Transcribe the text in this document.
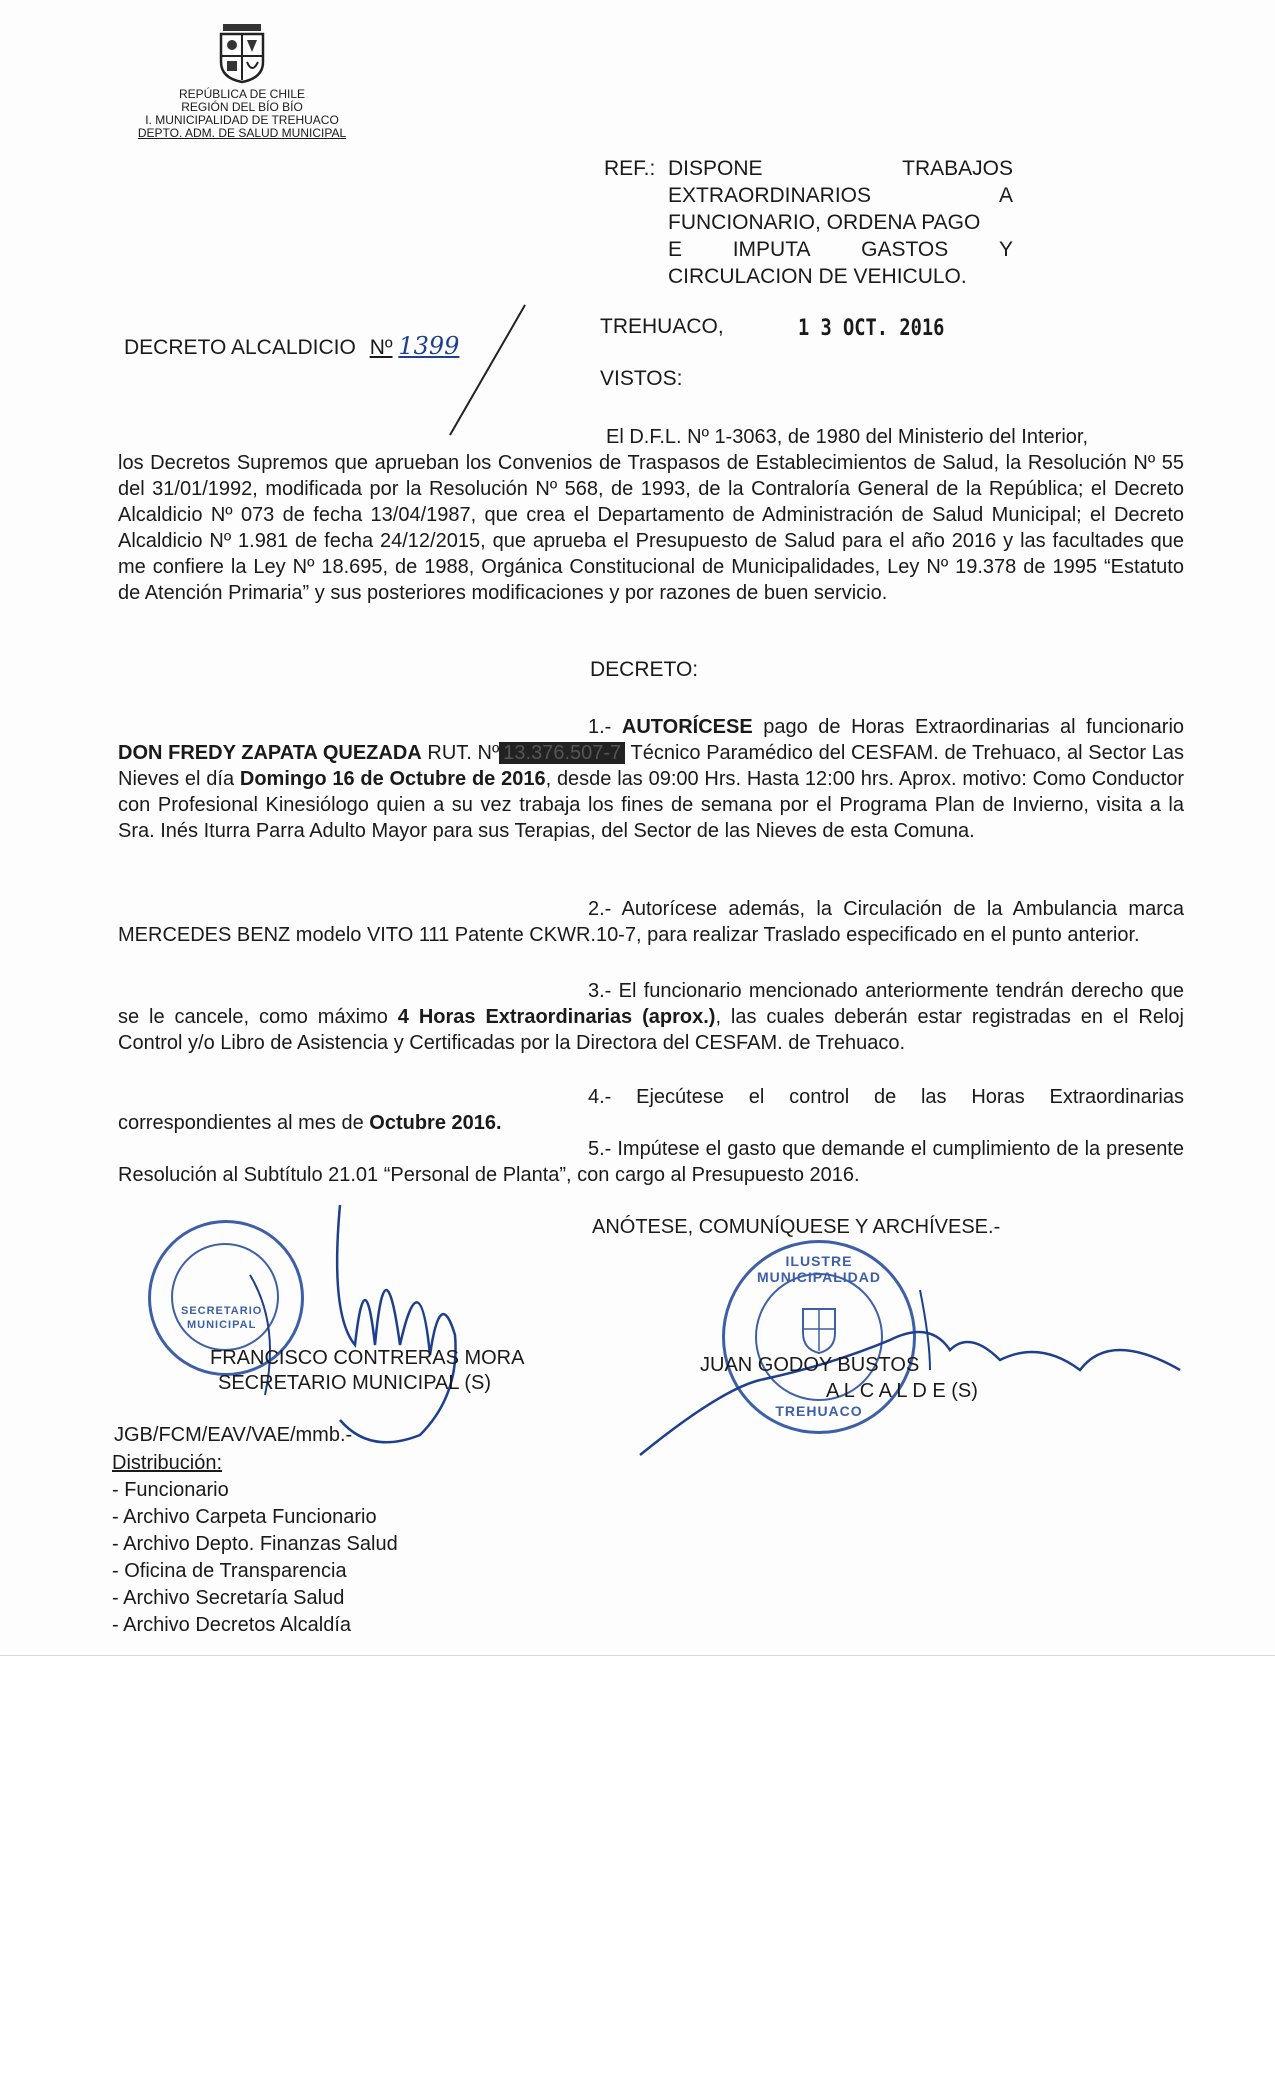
REPÚBLICA DE CHILE
REGIÓN DEL BÍO BÍO
I. MUNICIPALIDAD DE TREHUACO
DEPTO. ADM. DE SALUD MUNICIPAL
REF.: DISPONE	TRABAJOS
EXTRAORDINARIOS	A
FUNCIONARIO, ORDENA PAGO
E IMPUTA GASTOS Y
CIRCULACION DE VEHICULO.
DECRETO ALCALDICIO Nº 1399
TREHUACO,	1 3 OCT. 2016
VISTOS:
El D.F.L. Nº 1-3063, de 1980 del Ministerio del Interior,
los Decretos Supremos que aprueban los Convenios de Traspasos de Establecimientos de Salud, la Resolución Nº 55 del 31/01/1992, modificada por la Resolución Nº 568, de 1993, de la Contraloría General de la República; el Decreto Alcaldicio Nº 073 de fecha 13/04/1987, que crea el Departamento de Administración de Salud Municipal; el Decreto Alcaldicio Nº 1.981 de fecha 24/12/2015, que aprueba el Presupuesto de Salud para el año 2016 y las facultades que me confiere la Ley Nº 18.695, de 1988, Orgánica Constitucional de Municipalidades, Ley Nº 19.378 de 1995 “Estatuto de Atención Primaria” y sus posteriores modificaciones y por razones de buen servicio.
DECRETO:
1.- AUTORÍCESE pago de Horas Extraordinarias al funcionario DON FREDY ZAPATA QUEZADA RUT. Nº 13.376.507-7 Técnico Paramédico del CESFAM. de Trehuaco, al Sector Las Nieves el día Domingo 16 de Octubre de 2016, desde las 09:00 Hrs. Hasta 12:00 hrs. Aprox. motivo: Como Conductor con Profesional Kinesiólogo quien a su vez trabaja los fines de semana por el Programa Plan de Invierno, visita a la Sra. Inés Iturra Parra Adulto Mayor para sus Terapias, del Sector de las Nieves de esta Comuna.
2.- Autorícese además, la Circulación de la Ambulancia marca MERCEDES BENZ modelo VITO 111 Patente CKWR.10-7, para realizar Traslado especificado en el punto anterior.
3.- El funcionario mencionado anteriormente tendrán derecho que se le cancele, como máximo 4 Horas Extraordinarias (aprox.), las cuales deberán estar registradas en el Reloj Control y/o Libro de Asistencia y Certificadas por la Directora del CESFAM. de Trehuaco.
4.- Ejecútese el control de las Horas Extraordinarias correspondientes al mes de Octubre 2016.
5.- Impútese el gasto que demande el cumplimiento de la presente Resolución al Subtítulo 21.01 “Personal de Planta”, con cargo al Presupuesto 2016.
ANÓTESE, COMUNÍQUESE Y ARCHÍVESE.-
SECRETARIO
MUNICIPAL
FRANCISCO CONTRERAS MORA
SECRETARIO MUNICIPAL (S)
ILUSTRE MUNICIPALIDAD
TREHUACO
JUAN GODOY BUSTOS
A L C A L D E (S)
JGB/FCM/EAV/VAE/mmb.-
Distribución:
- Funcionario
- Archivo Carpeta Funcionario
- Archivo Depto. Finanzas Salud
- Oficina de Transparencia
- Archivo Secretaría Salud
- Archivo Decretos Alcaldía
